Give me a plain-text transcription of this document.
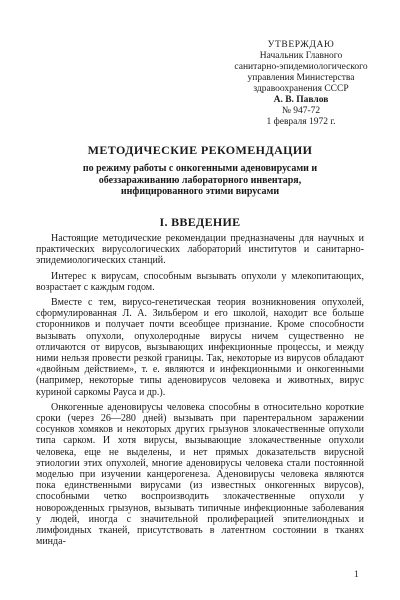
УТВЕРЖДАЮ
Начальник Главного
санитарно-эпидемиологического
управления Министерства
здравоохранения СССР
А. В. Павлов
№ 947-72
1 февраля 1972 г.
МЕТОДИЧЕСКИЕ РЕКОМЕНДАЦИИ
по режиму работы с онкогенными аденовирусами и обеззараживанию лабораторного инвентаря, инфицированного этими вирусами
I. ВВЕДЕНИЕ

Настоящие методические рекомендации предназначены для научных и практических вирусологических лабораторий институтов и санитарно-эпидемиологических станций.

Интерес к вирусам, способным вызывать опухоли у млекопитающих, возрастает с каждым годом.

Вместе с тем, вирусо-генетическая теория возникновения опухолей, сформулированная Л. А. Зильбером и его школой, находит все больше сторонников и получает почти всеобщее признание. Кроме способности вызывать опухоли, опухолеродные вирусы ничем существенно не отличаются от вирусов, вызывающих инфекционные процессы, и между ними нельзя провести резкой границы. Так, некоторые из вирусов обладают «двойным действием», т. е. являются и инфекционными и онкогенными (например, некоторые типы аденовирусов человека и животных, вирус куриной саркомы Рауса и др.).

Онкогенные аденовирусы человека способны в относительно короткие сроки (через 26—280 дней) вызывать при парентеральном заражении сосунков хомяков и некоторых других грызунов злокачественные опухоли типа сарком. И хотя вирусы, вызывающие злокачественные опухоли человека, еще не выделены, и нет прямых доказательств вирусной этиологии этих опухолей, многие аденовирусы человека стали постоянной моделью при изучении канцерогенеза. Аденовирусы человека являются пока единственными вирусами (из известных онкогенных вирусов), способными четко воспроизводить злокачественные опухоли у новорожденных грызунов, вызывать типичные инфекционные заболевания у людей, иногда с значительной пролиферацией эпителиондных и лимфоидных тканей, присутствовать в латентном состоянии в тканях минда-

1
